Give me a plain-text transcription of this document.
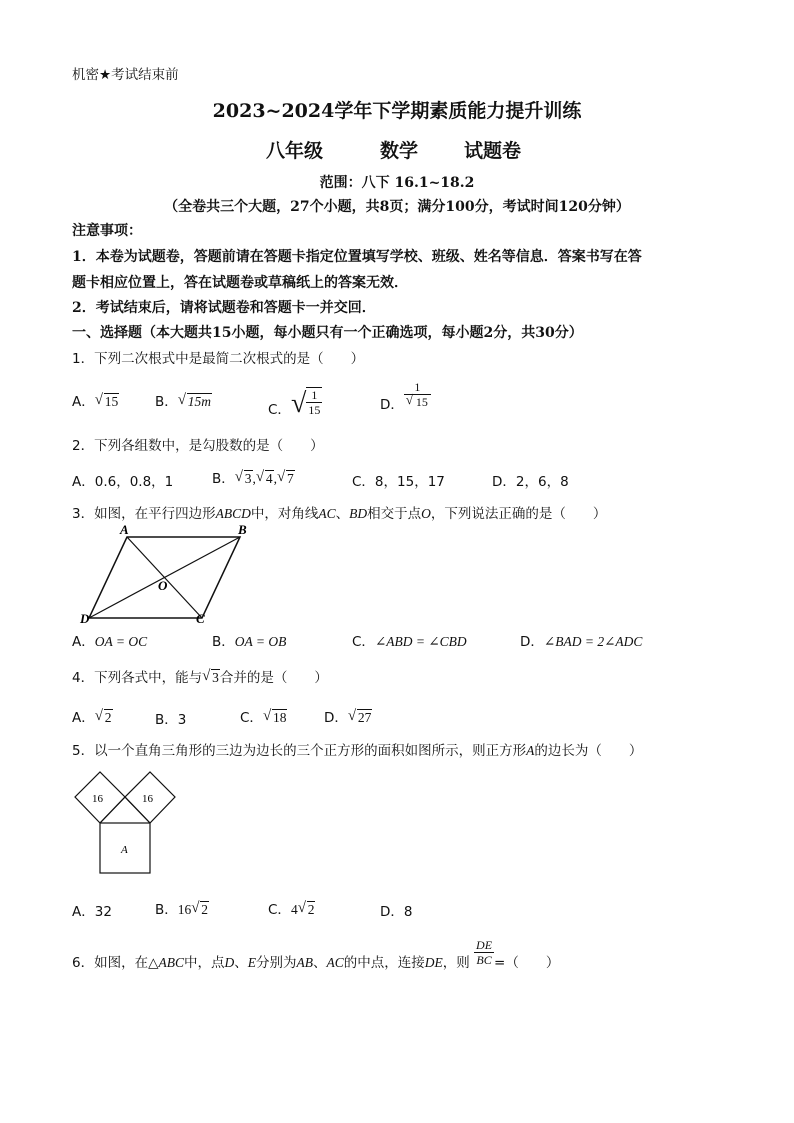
机密★考试结束前
2023~2024学年下学期素质能力提升训练
八年级	数学 试题卷
范围：八下 16.1~18.2
（全卷共三个大题，27个小题，共8页；满分100分，考试时间120分钟）
注意事项：
1．本卷为试题卷，答题前请在答题卡指定位置填写学校、班级、姓名等信息．答案书写在答
题卡相应位置上，答在试题卷或草稿纸上的答案无效．
2．考试结束后，请将试题卷和答题卡一并交回．
一、选择题（本大题共15小题，每小题只有一个正确选项，每小题2分，共30分）
1．下列二次根式中是最简二次根式的是（　　）
A． √ 15	B． √ 15m
C．√ $\frac{1}{15}$	D． $\frac{1}{√ 15}$
2．下列各组数中，是勾股数的是（　　）
A．0.6，0.8，1	B． √ 3, √ 4, √ 7	C．8，15，17	D．2，6，8
3．如图，在平行四边形ABCD中，对角线AC、BD相交于点O，下列说法正确的是（　　）
A	B
C
D
O
A．OA = OC	B．OA = OB	C．∠ABD = ∠CBD	D．∠BAD = 2∠ADC
4．下列各式中，能与 √ 3合并的是（　　）
A． √ 2	B．3	C． √ 18	D． √ 27
5．以一个直角三角形的三边为边长的三个正方形的面积如图所示，则正方形A的边长为（　　）
16	16
A
A．32	B．16 √ 2	C．4 √ 2	D．8
6．如图，在△ABC中，点D、E分别为AB、AC的中点，连接DE，则 $\frac{DE}{BC}$ =（　　）
